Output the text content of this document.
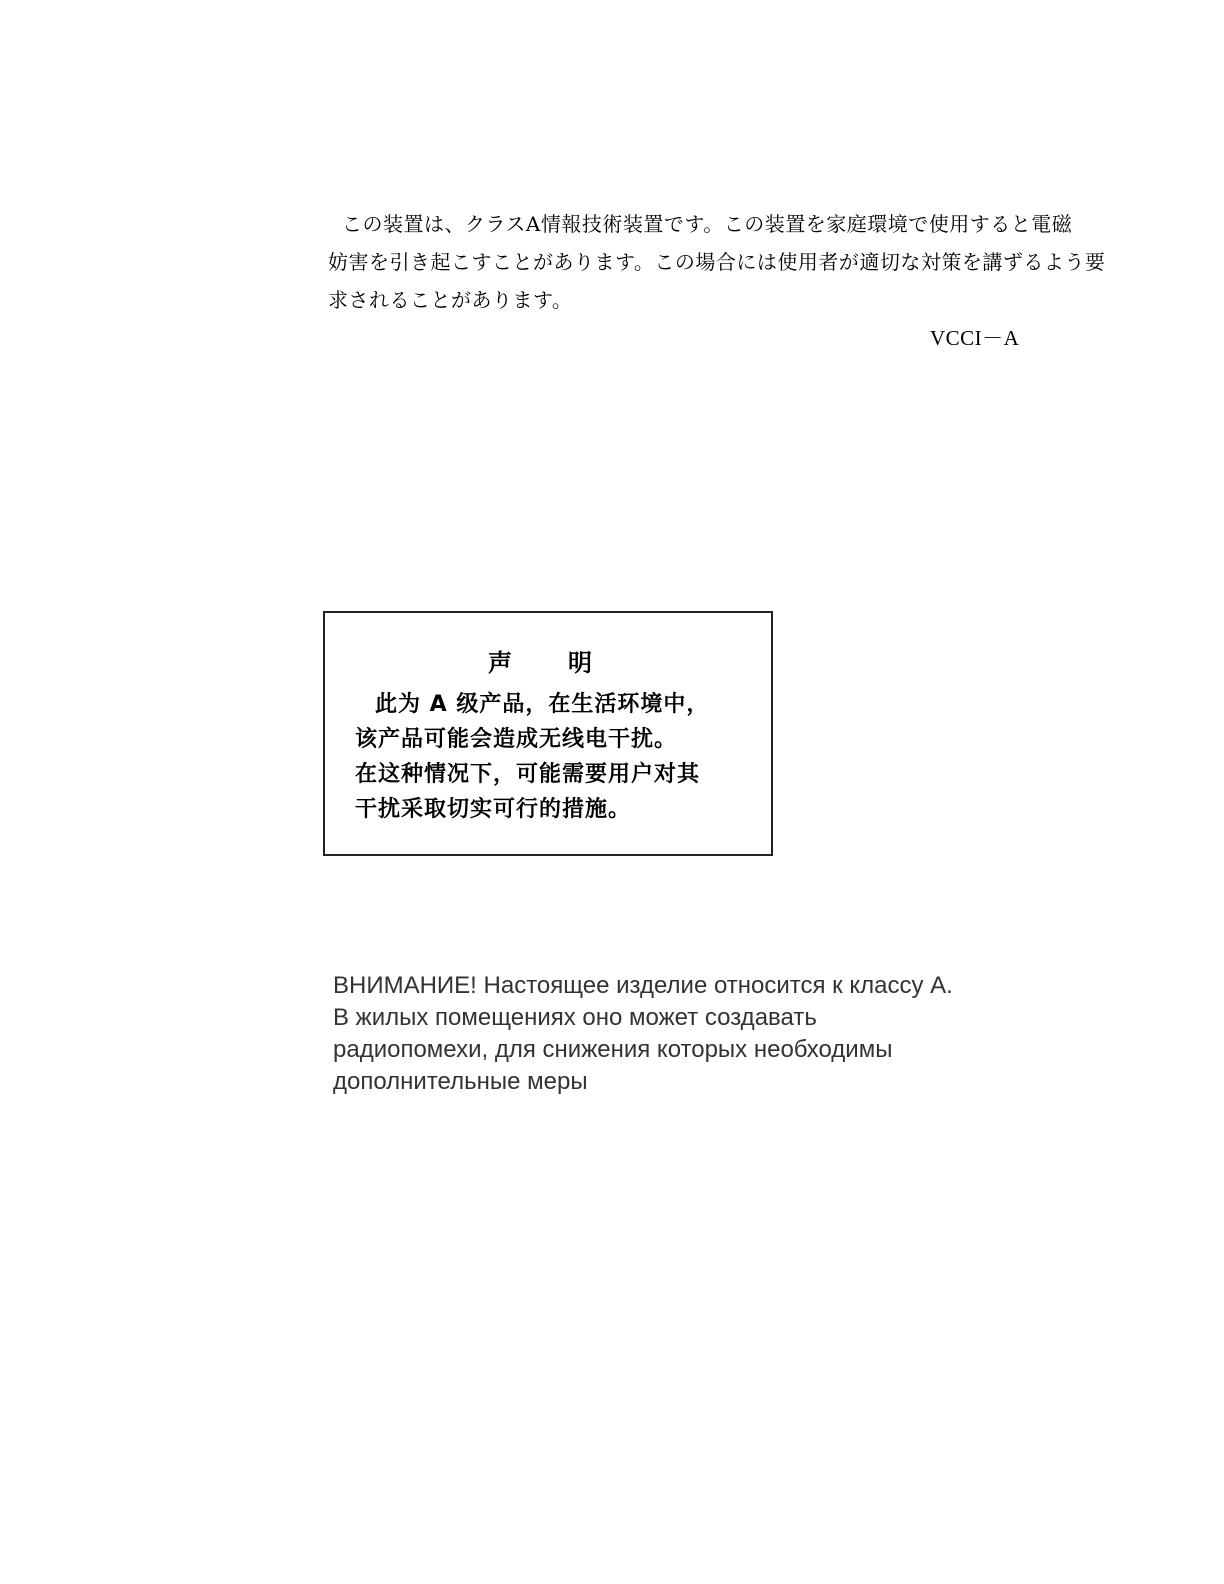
この装置は、クラスA情報技術装置です。この装置を家庭環境で使用すると電磁
妨害を引き起こすことがあります。この場合には使用者が適切な対策を講ずるよう要
求されることがあります。
VCCI－A
声明
此为 A 级产品，在生活环境中，
该产品可能会造成无线电干扰。
在这种情况下，可能需要用户对其
干扰采取切实可行的措施。
ВНИМАНИЕ! Настоящее изделие относится к классу А.
В жилых помещениях оно может создавать
радиопомехи, для снижения которых необходимы
дополнительные меры
